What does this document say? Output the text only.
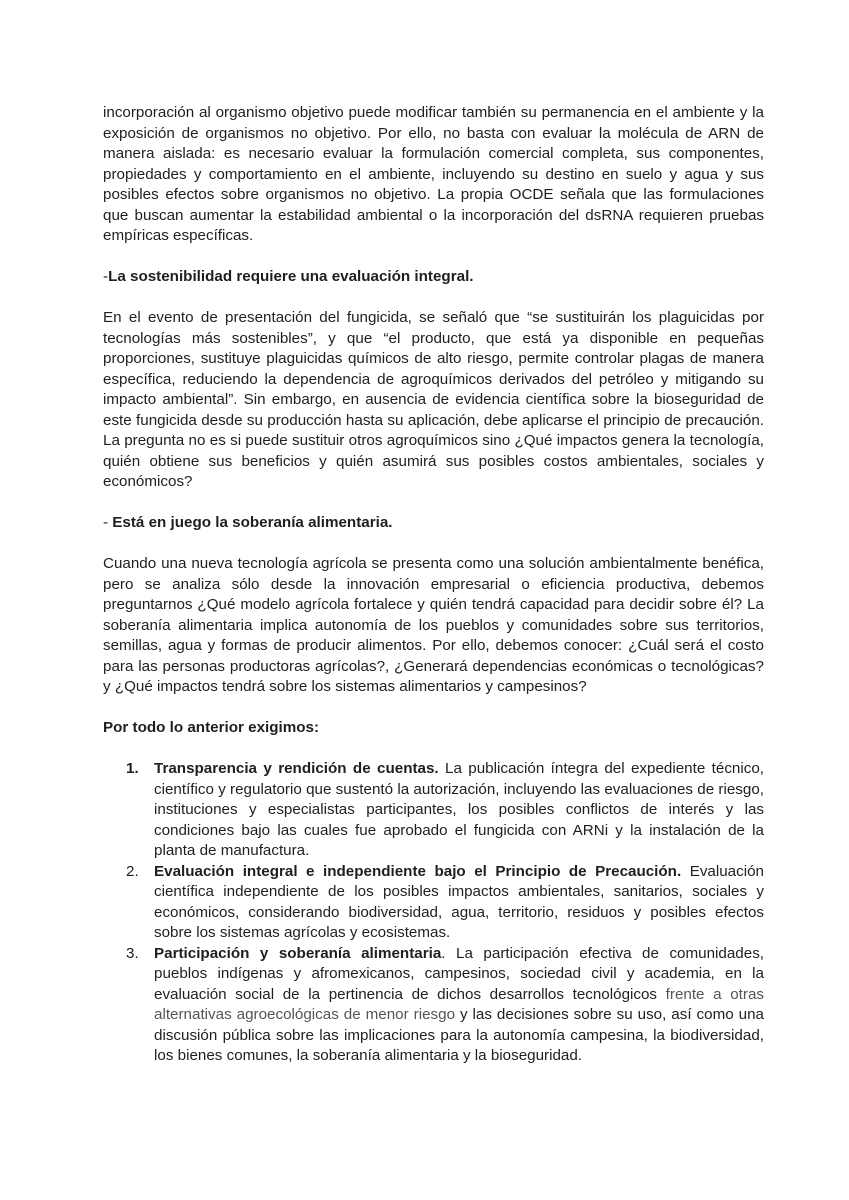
incorporación al organismo objetivo puede modificar también su permanencia en el ambiente y la exposición de organismos no objetivo. Por ello, no basta con evaluar la molécula de ARN de manera aislada: es necesario evaluar la formulación comercial completa, sus componentes, propiedades y comportamiento en el ambiente, incluyendo su destino en suelo y agua y sus posibles efectos sobre organismos no objetivo. La propia OCDE señala que las formulaciones que buscan aumentar la estabilidad ambiental o la incorporación del dsRNA requieren pruebas empíricas específicas.

-La sostenibilidad requiere una evaluación integral.

En el evento de presentación del fungicida, se señaló que “se sustituirán los plaguicidas por tecnologías más sostenibles”, y que “el producto, que está ya disponible en pequeñas proporciones, sustituye plaguicidas químicos de alto riesgo, permite controlar plagas de manera específica, reduciendo la dependencia de agroquímicos derivados del petróleo y mitigando su impacto ambiental”. Sin embargo, en ausencia de evidencia científica sobre la bioseguridad de este fungicida desde su producción hasta su aplicación, debe aplicarse el principio de precaución. La pregunta no es si puede sustituir otros agroquímicos sino ¿Qué impactos genera la tecnología, quién obtiene sus beneficios y quién asumirá sus posibles costos ambientales, sociales y económicos?

- Está en juego la soberanía alimentaria.

Cuando una nueva tecnología agrícola se presenta como una solución ambientalmente benéfica, pero se analiza sólo desde la innovación empresarial o eficiencia productiva, debemos preguntarnos ¿Qué modelo agrícola fortalece y quién tendrá capacidad para decidir sobre él? La soberanía alimentaria implica autonomía de los pueblos y comunidades sobre sus territorios, semillas, agua y formas de producir alimentos. Por ello, debemos conocer: ¿Cuál será el costo para las personas productoras agrícolas?, ¿Generará dependencias económicas o tecnológicas? y ¿Qué impactos tendrá sobre los sistemas alimentarios y campesinos?

Por todo lo anterior exigimos:

1. Transparencia y rendición de cuentas. La publicación íntegra del expediente técnico, científico y regulatorio que sustentó la autorización, incluyendo las evaluaciones de riesgo, instituciones y especialistas participantes, los posibles conflictos de interés y las condiciones bajo las cuales fue aprobado el fungicida con ARNi y la instalación de la planta de manufactura.
2. Evaluación integral e independiente bajo el Principio de Precaución. Evaluación científica independiente de los posibles impactos ambientales, sanitarios, sociales y económicos, considerando biodiversidad, agua, territorio, residuos y posibles efectos sobre los sistemas agrícolas y ecosistemas.
3. Participación y soberanía alimentaria. La participación efectiva de comunidades, pueblos indígenas y afromexicanos, campesinos, sociedad civil y academia, en la evaluación social de la pertinencia de dichos desarrollos tecnológicos frente a otras alternativas agroecológicas de menor riesgo y las decisiones sobre su uso, así como una discusión pública sobre las implicaciones para la autonomía campesina, la biodiversidad, los bienes comunes, la soberanía alimentaria y la bioseguridad.
